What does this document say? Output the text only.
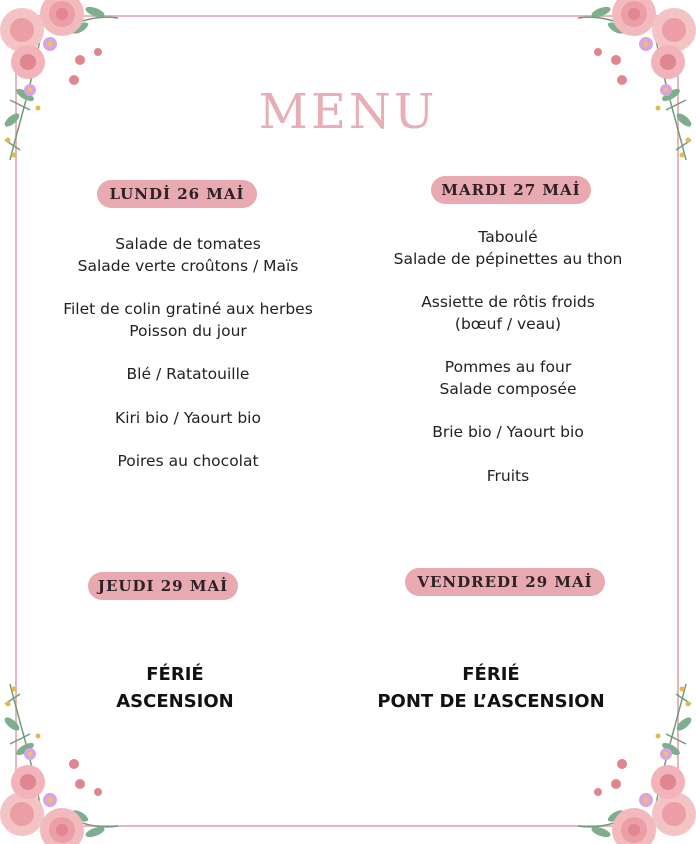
MENU
LUNDİ 26 MAİ
Salade de tomates
Salade verte croûtons / Maïs
Filet de colin gratiné aux herbes
Poisson du jour
Blé / Ratatouille
Kiri bio / Yaourt bio
Poires au chocolat
MARDI 27 MAİ
Taboulé
Salade de pépinettes au thon
Assiette de rôtis froids
(bœuf / veau)
Pommes au four
Salade composée
Brie bio / Yaourt bio
Fruits
JEUDI 29 MAİ
FÉRIÉ
ASCENSION
VENDREDI 29 MAİ
FÉRIÉ
PONT DE L’ASCENSION
